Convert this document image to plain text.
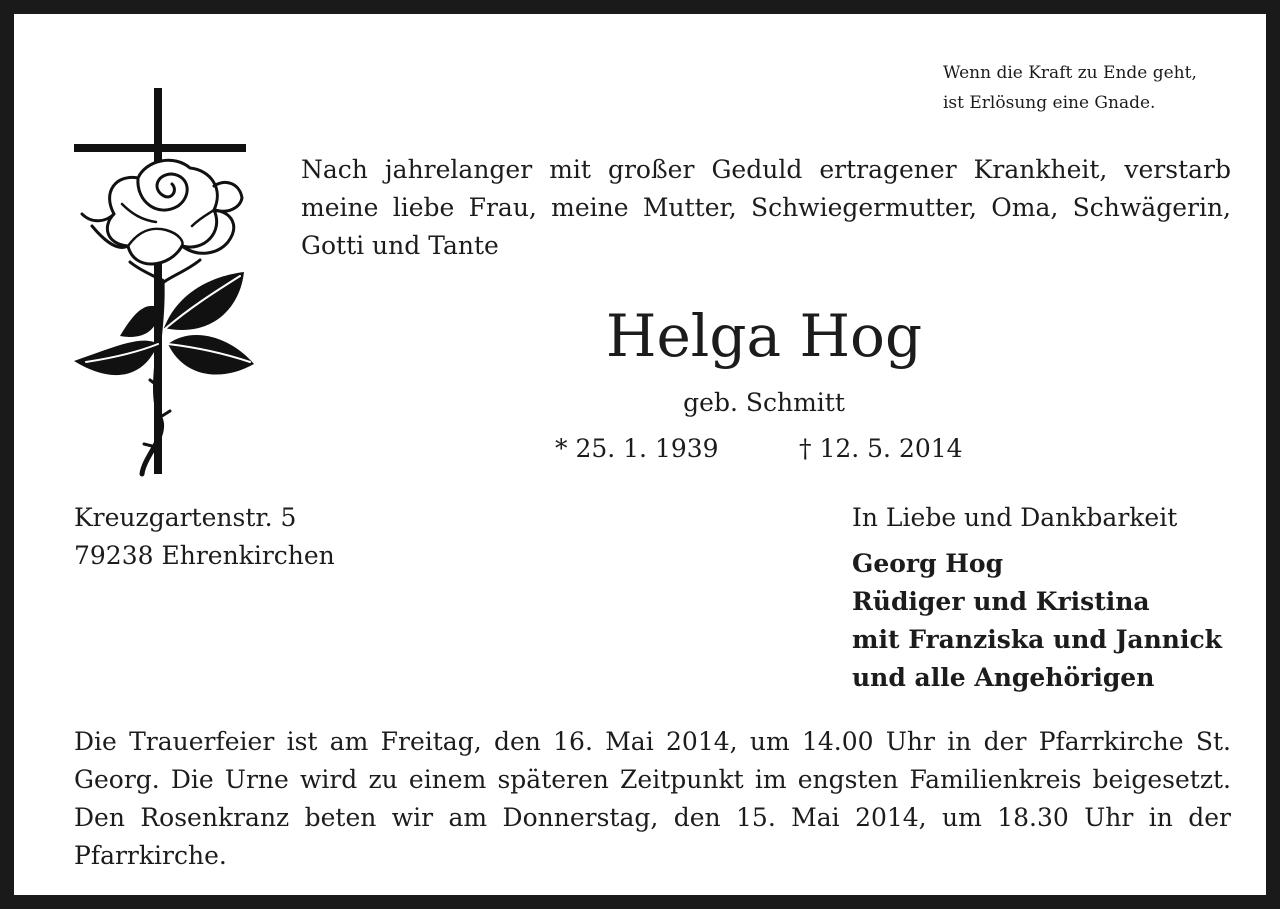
Wenn die Kraft zu Ende geht,
ist Erlösung eine Gnade.

Nach jahrelanger mit großer Geduld ertragener Krankheit, verstarb meine liebe Frau, meine Mutter, Schwiegermutter, Oma, Schwägerin, Gotti und Tante

Helga Hog
geb. Schmitt
* 25. 1. 1939	† 12. 5. 2014
Kreuzgartenstr. 5
79238 Ehrenkirchen
In Liebe und Dankbarkeit
Georg Hog
Rüdiger und Kristina
mit Franziska und Jannick
und alle Angehörigen

Die Trauerfeier ist am Freitag, den 16. Mai 2014, um 14.00 Uhr in der Pfarrkirche St. Georg. Die Urne wird zu einem späteren Zeitpunkt im engsten Familienkreis beigesetzt. Den Rosenkranz beten wir am Donnerstag, den 15. Mai 2014, um 18.30 Uhr in der Pfarrkirche.
